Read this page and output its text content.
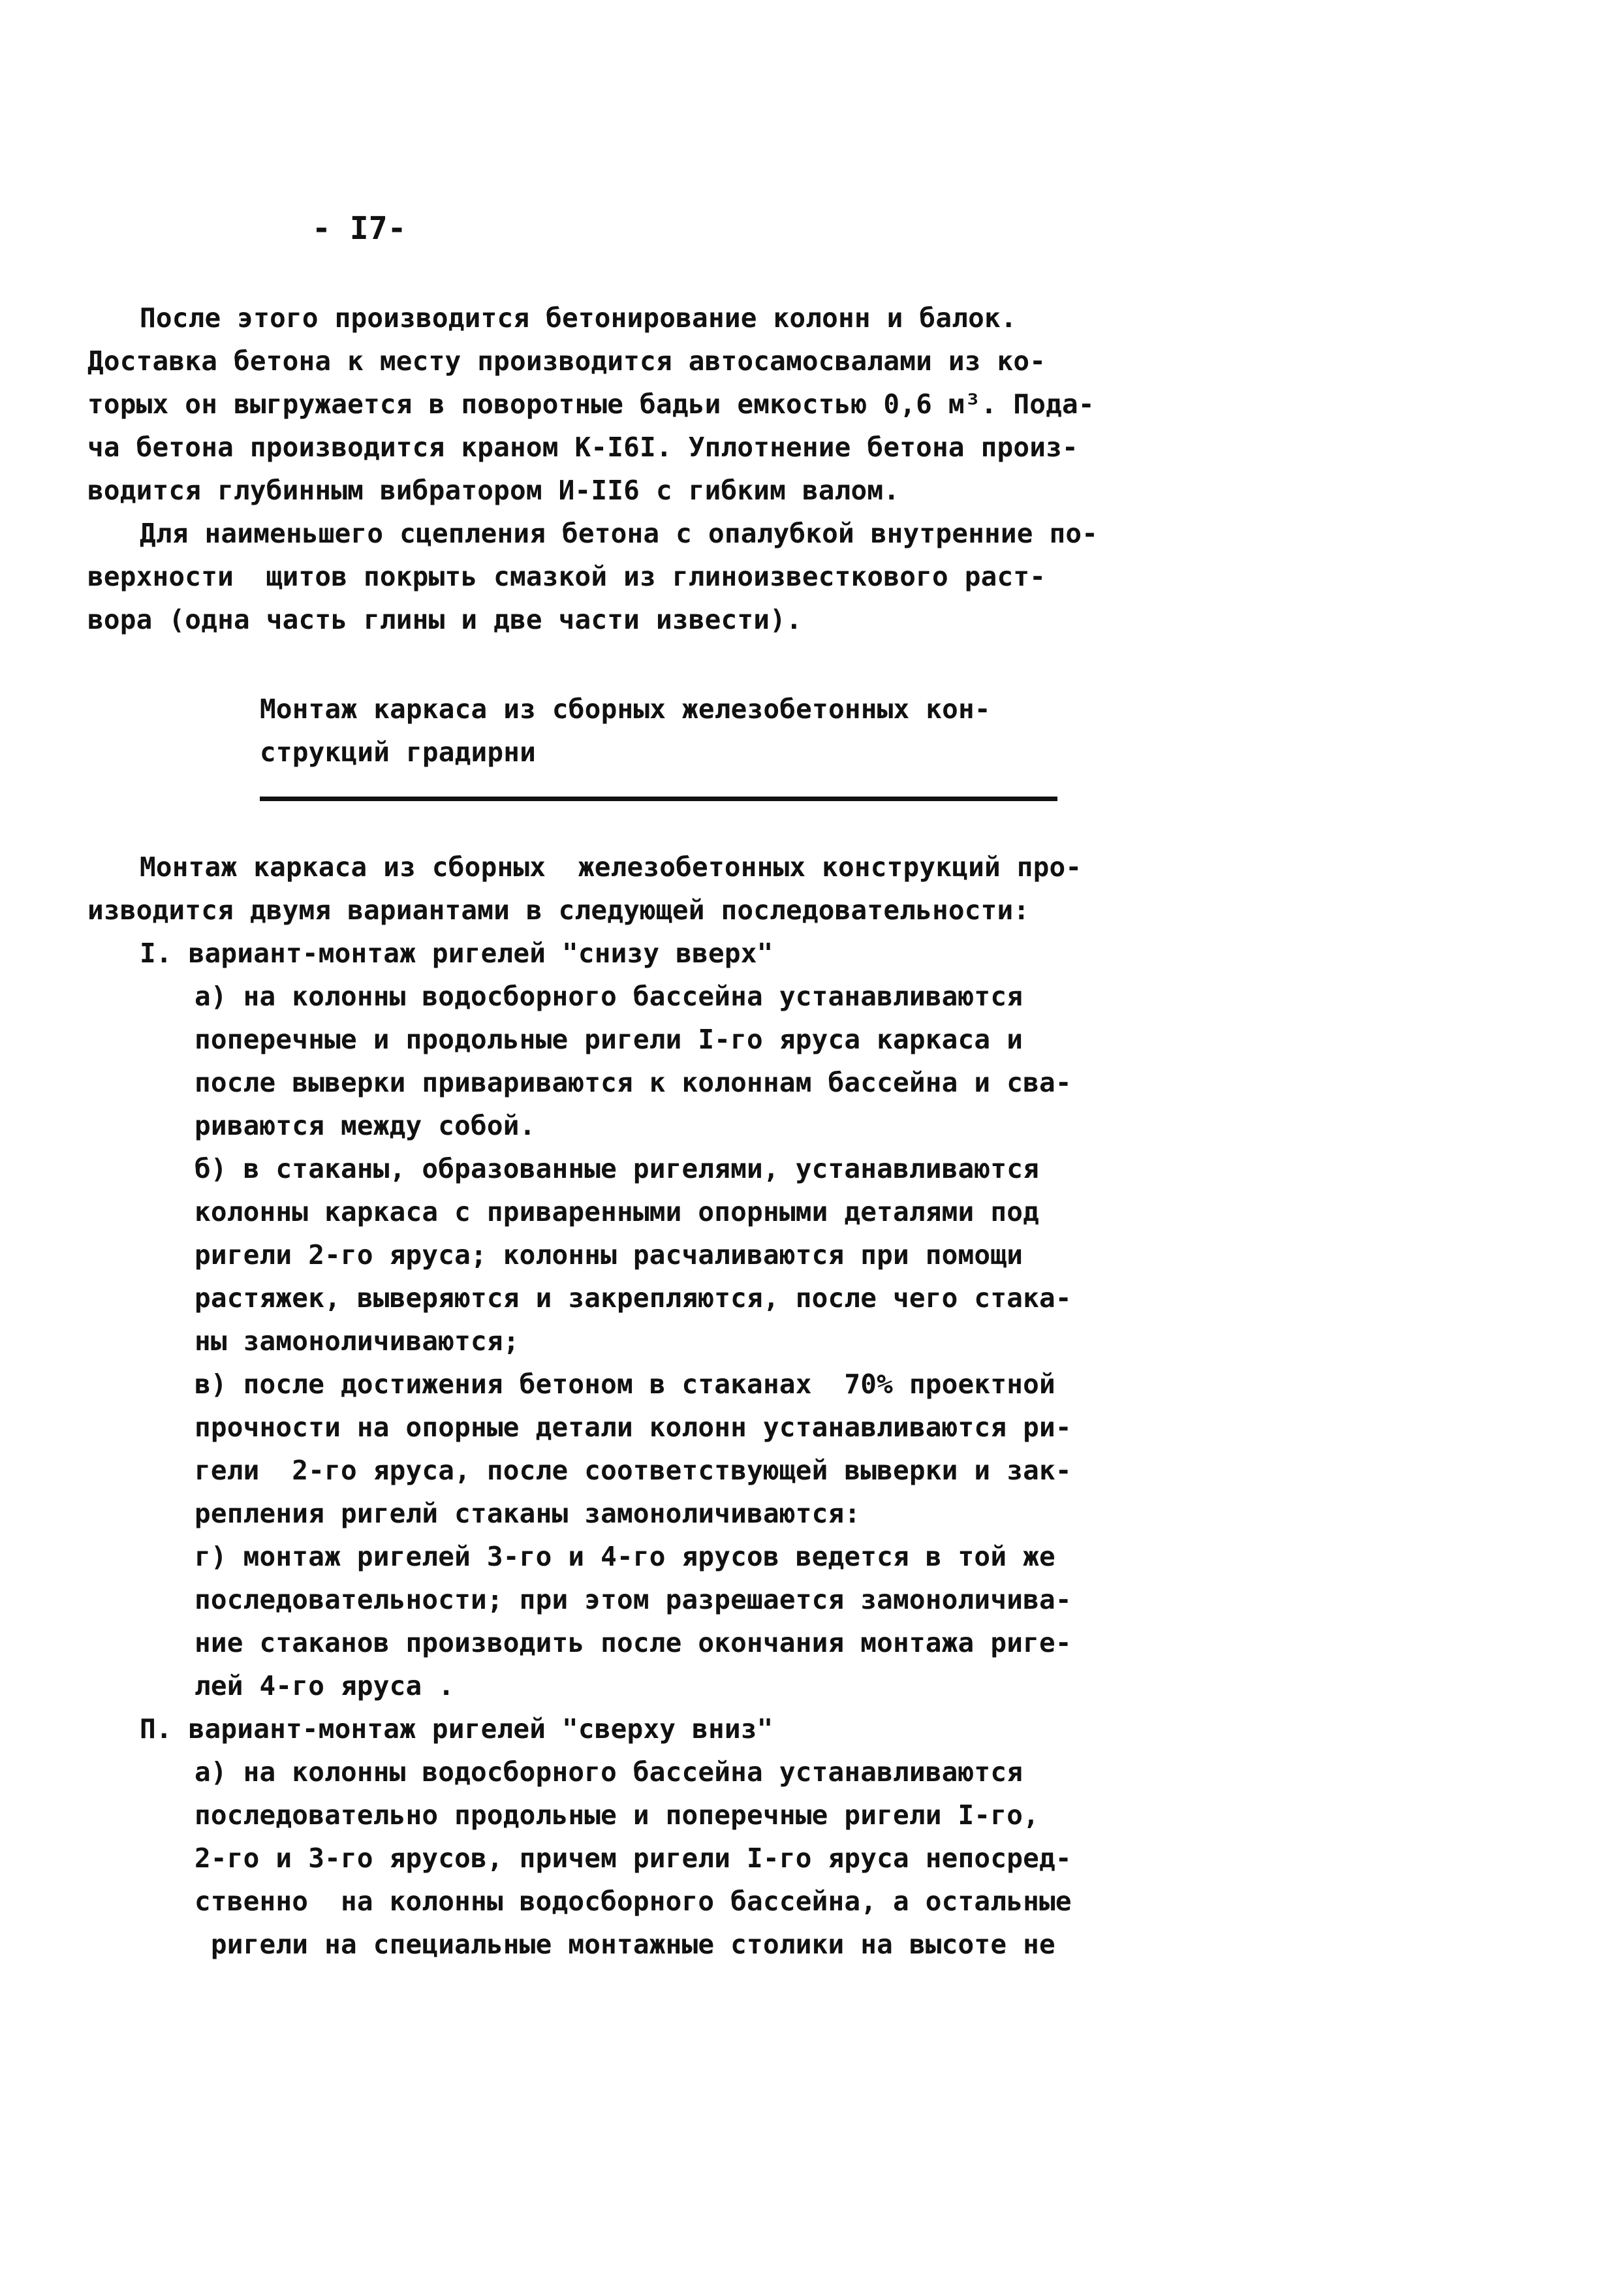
- I7-
После этого производится бетонирование колонн и балок.
Доставка бетона к месту производится автосамосвалами из ко-
торых он выгружается в поворотные бадьи емкостью 0,6 м³. Пода-
ча бетона производится краном К-I6I. Уплотнение бетона произ-
водится глубинным вибратором И-II6 с гибким валом.
Для наименьшего сцепления бетона с опалубкой внутренние по-
верхности  щитов покрыть смазкой из глиноизвесткового раст-
вора (одна часть глины и две части извести).
Монтаж каркаса из сборных железобетонных кон-
струкций градирни
Монтаж каркаса из сборных  железобетонных конструкций про-
изводится двумя вариантами в следующей последовательности:
I. вариант-монтаж ригелей "снизу вверх"
а) на колонны водосборного бассейна устанавливаются
поперечные и продольные ригели I-го яруса каркаса и
после выверки привариваются к колоннам бассейна и сва-
риваются между собой.
б) в стаканы, образованные ригелями, устанавливаются
колонны каркаса с приваренными опорными деталями под
ригели 2-го яруса; колонны расчаливаются при помощи
растяжек, выверяются и закрепляются, после чего стака-
ны замоноличиваются;
в) после достижения бетоном в стаканах  70% проектной
прочности на опорные детали колонн устанавливаются ри-
гели  2-го яруса, после соответствующей выверки и зак-
репления ригелй стаканы замоноличиваются:
г) монтаж ригелей 3-го и 4-го ярусов ведется в той же
последовательности; при этом разрешается замоноличива-
ние стаканов производить после окончания монтажа риге-
лей 4-го яруса .
П. вариант-монтаж ригелей "сверху вниз"
а) на колонны водосборного бассейна устанавливаются
последовательно продольные и поперечные ригели I-го,
2-го и 3-го ярусов, причем ригели I-го яруса непосред-
ственно  на колонны водосборного бассейна, а остальные
ригели на специальные монтажные столики на высоте не
